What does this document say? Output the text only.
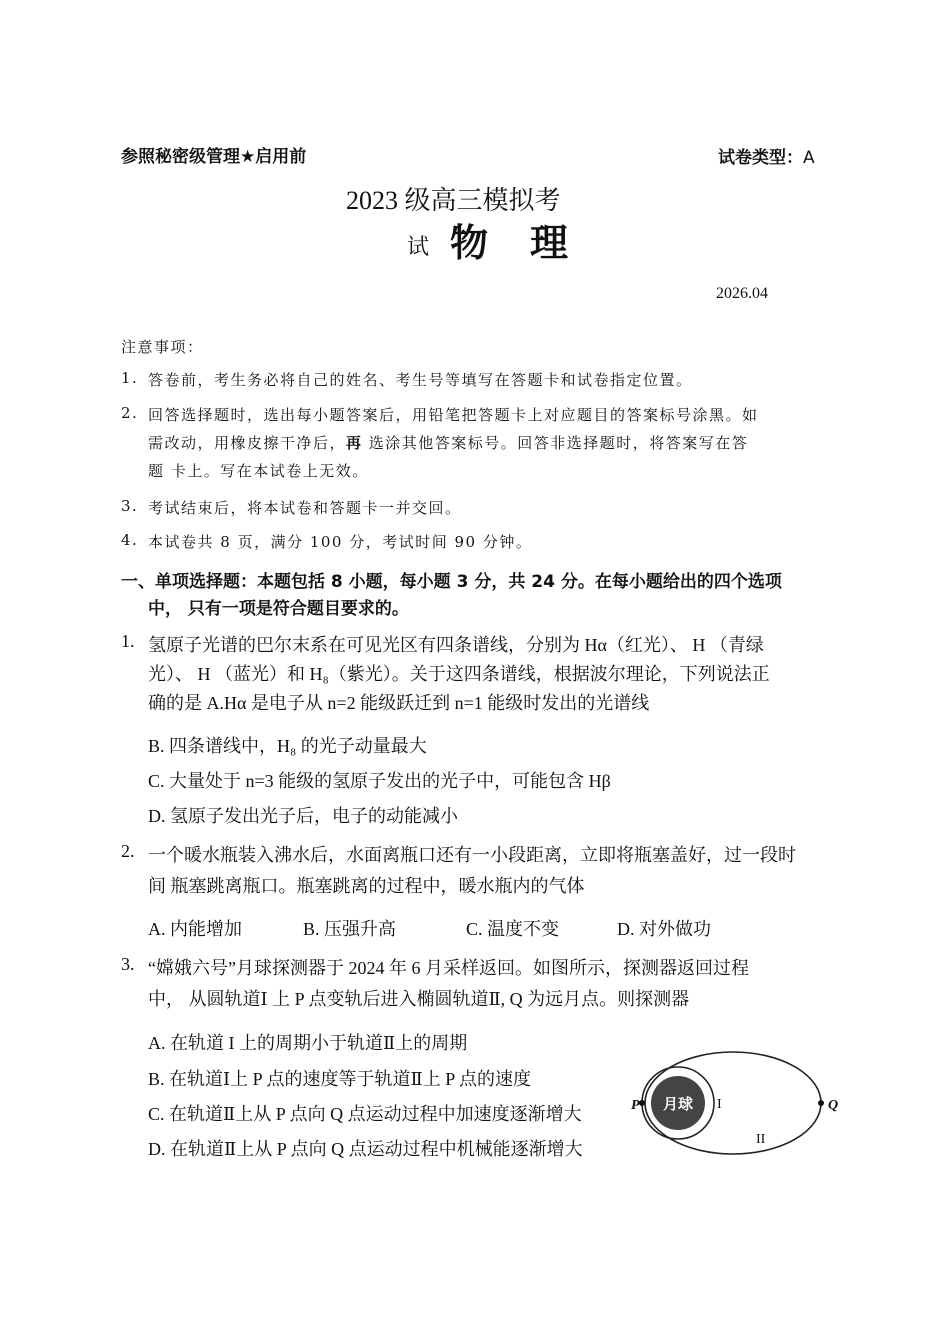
参照秘密级管理★启用前	试卷类型：A
2023 级高三模拟考
试 物　理
2026.04
注意事项：
1. 答卷前，考生务必将自己的姓名、考生号等填写在答题卡和试卷指定位置。
2. 回答选择题时，选出每小题答案后，用铅笔把答题卡上对应题目的答案标号涂黑。如
需改动，用橡皮擦干净后，再 选涂其他答案标号。回答非选择题时，将答案写在答
题 卡上。写在本试卷上无效。
3. 考试结束后，将本试卷和答题卡一并交回。
4. 本试卷共 8 页，满分 100 分，考试时间 90 分钟。
一、单项选择题：本题包括 8 小题，每小题 3 分，共 24 分。在每小题给出的四个选项
中， 只有一项是符合题目要求的。
1. 氢原子光谱的巴尔末系在可见光区有四条谱线，分别为 Hα（红光）、 H （青绿
光）、 H （蓝光）和 H₈（紫光）。关于这四条谱线，根据波尔理论，下列说法正
确的是 A.Hα 是电子从 n=2 能级跃迁到 n=1 能级时发出的光谱线
B. 四条谱线中，H₈ 的光子动量最大
C. 大量处于 n=3 能级的氢原子发出的光子中，可能包含 Hβ
D. 氢原子发出光子后，电子的动能减小
2. 一个暖水瓶装入沸水后，水面离瓶口还有一小段距离，立即将瓶塞盖好，过一段时
间 瓶塞跳离瓶口。瓶塞跳离的过程中，暖水瓶内的气体
A. 内能增加	B. 压强升高	C. 温度不变	D. 对外做功
3. “嫦娥六号”月球探测器于 2024 年 6 月采样返回。如图所示，探测器返回过程
中， 从圆轨道Ⅰ 上 P 点变轨后进入椭圆轨道Ⅱ, Q 为远月点。则探测器
A. 在轨道 I 上的周期小于轨道Ⅱ上的周期
B. 在轨道Ⅰ上 P 点的速度等于轨道Ⅱ上 P 点的速度
C. 在轨道Ⅱ上从 P 点向 Q 点运动过程中加速度逐渐增大
D. 在轨道Ⅱ上从 P 点向 Q 点运动过程中机械能逐渐增大
月球
P	Q
I
II
